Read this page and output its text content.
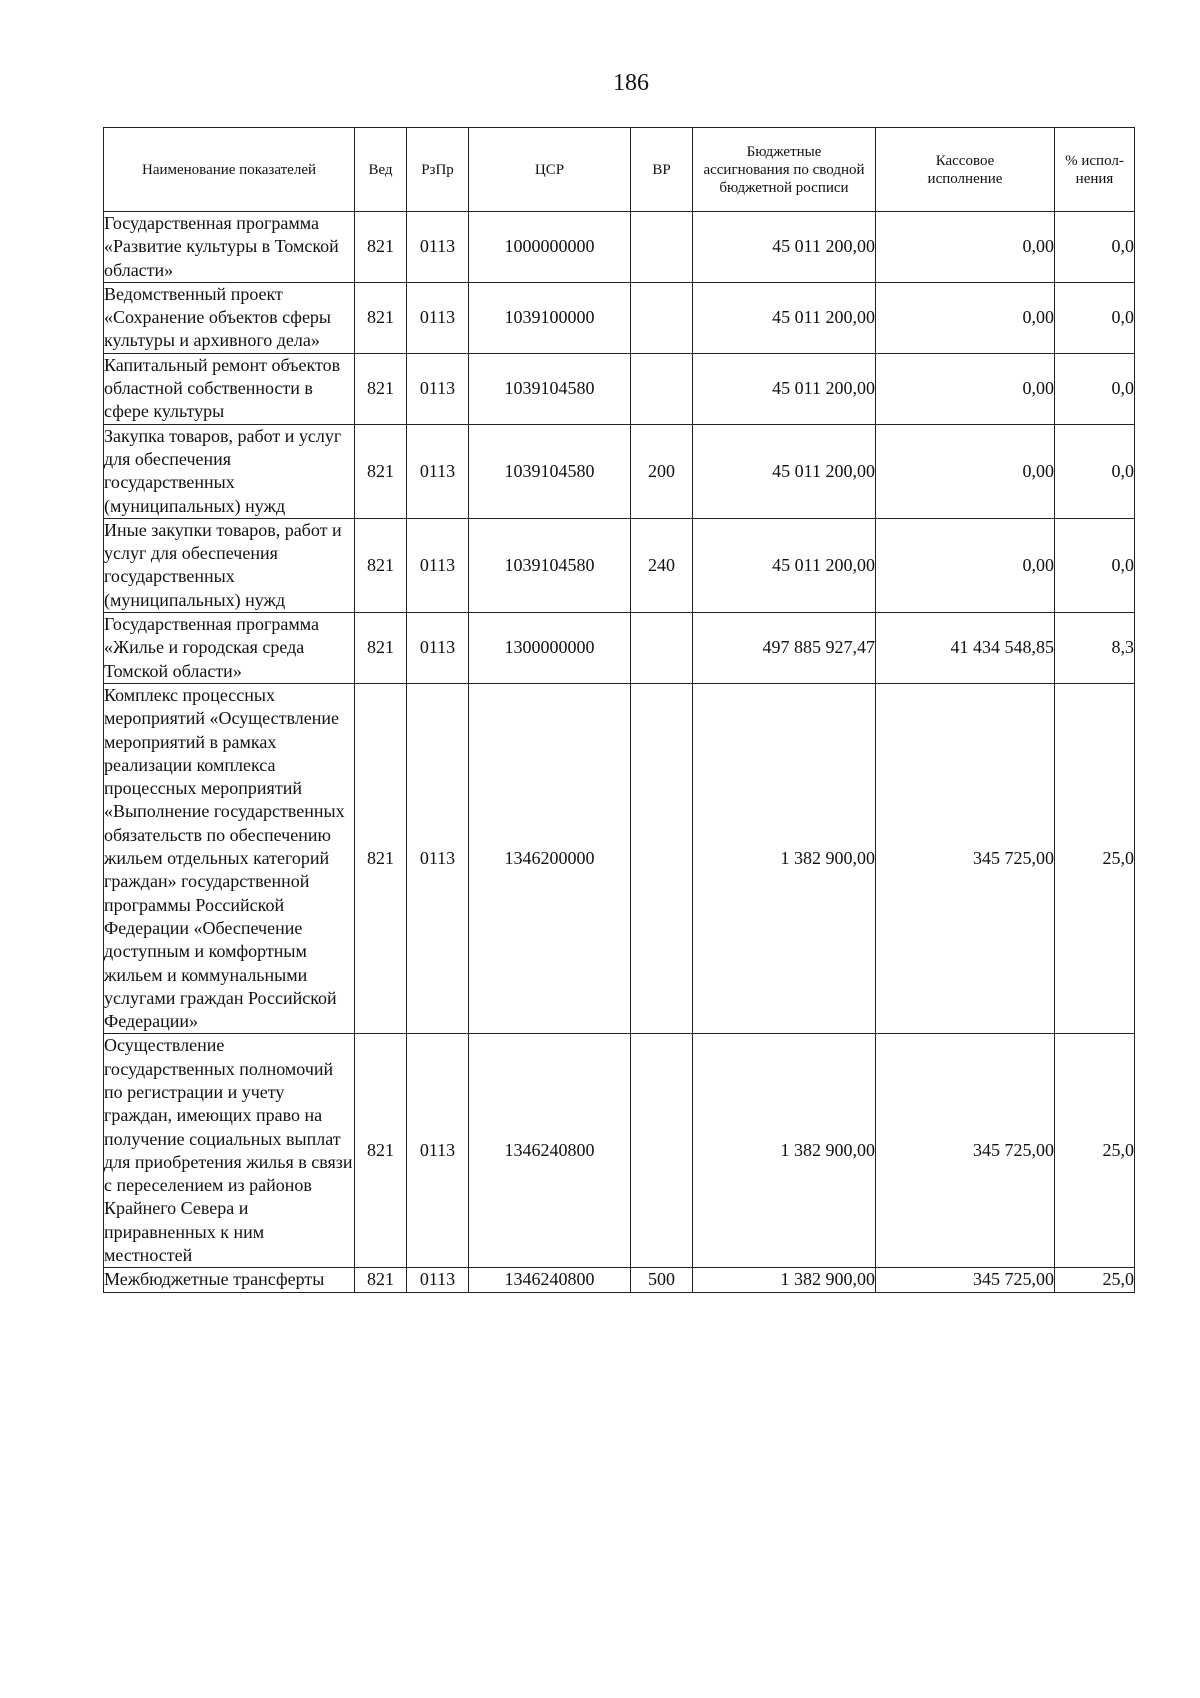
186
Наименование показателей	Вед	РзПр	ЦСР	ВР	Бюджетные ассигнования по сводной бюджетной росписи	Кассовое исполнение	% испол-нения
Государственная программа «Развитие культуры в Томской области»	821	0113	1000000000		45 011 200,00	0,00	0,0
Ведомственный проект «Сохранение объектов сферы культуры и архивного дела»	821	0113	1039100000		45 011 200,00	0,00	0,0
Капитальный ремонт объектов областной собственности в сфере культуры	821	0113	1039104580		45 011 200,00	0,00	0,0
Закупка товаров, работ и услуг для обеспечения государственных (муниципальных) нужд	821	0113	1039104580	200	45 011 200,00	0,00	0,0
Иные закупки товаров, работ и услуг для обеспечения государственных (муниципальных) нужд	821	0113	1039104580	240	45 011 200,00	0,00	0,0
Государственная программа «Жилье и городская среда Томской области»	821	0113	1300000000		497 885 927,47	41 434 548,85	8,3
Комплекс процессных мероприятий «Осуществление мероприятий в рамках реализации комплекса процессных мероприятий «Выполнение государственных обязательств по обеспечению жильем отдельных категорий граждан» государственной программы Российской Федерации «Обеспечение доступным и комфортным жильем и коммунальными услугами граждан Российской Федерации»	821	0113	1346200000		1 382 900,00	345 725,00	25,0
Осуществление государственных полномочий по регистрации и учету граждан, имеющих право на получение социальных выплат для приобретения жилья в связи с переселением из районов Крайнего Севера и приравненных к ним местностей	821	0113	1346240800		1 382 900,00	345 725,00	25,0
Межбюджетные трансферты	821	0113	1346240800	500	1 382 900,00	345 725,00	25,0
